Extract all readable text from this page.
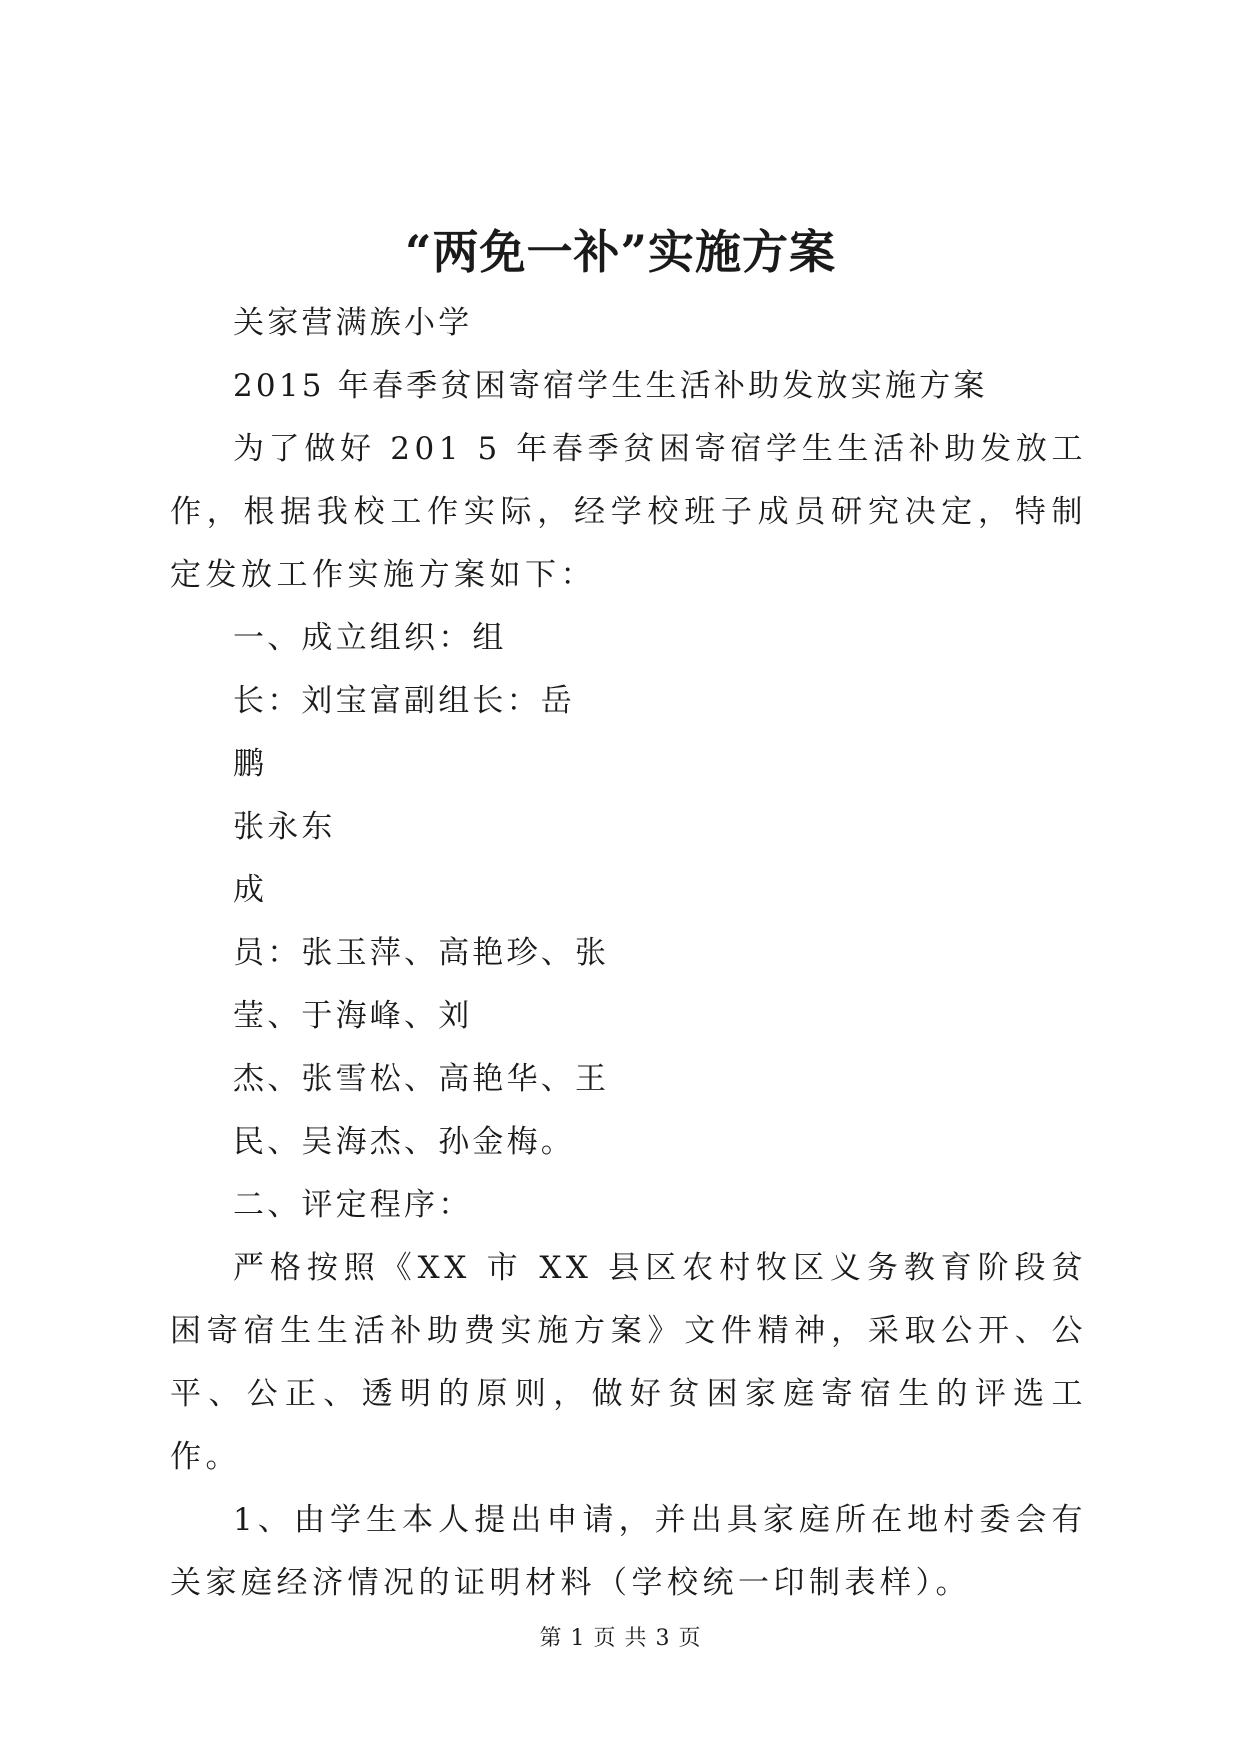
“两免一补”实施方案
关家营满族小学
2015 年春季贫困寄宿学生生活补助发放实施方案

为了做好 201 5 年春季贫困寄宿学生生活补助发放工作，根据我校工作实际，经学校班子成员研究决定，特制定发放工作实施方案如下：

一、成立组织：组
长：刘宝富副组长：岳
鹏
张永东
成
员：张玉萍、高艳珍、张
莹、于海峰、刘
杰、张雪松、高艳华、王
民、吴海杰、孙金梅。
二、评定程序：

严格按照《XX 市 XX 县区农村牧区义务教育阶段贫困寄宿生生活补助费实施方案》文件精神，采取公开、公平、公正、透明的原则，做好贫困家庭寄宿生的评选工作。

1、由学生本人提出申请，并出具家庭所在地村委会有关家庭经济情况的证明材料（学校统一印制表样）。

第 1 页 共 3 页
